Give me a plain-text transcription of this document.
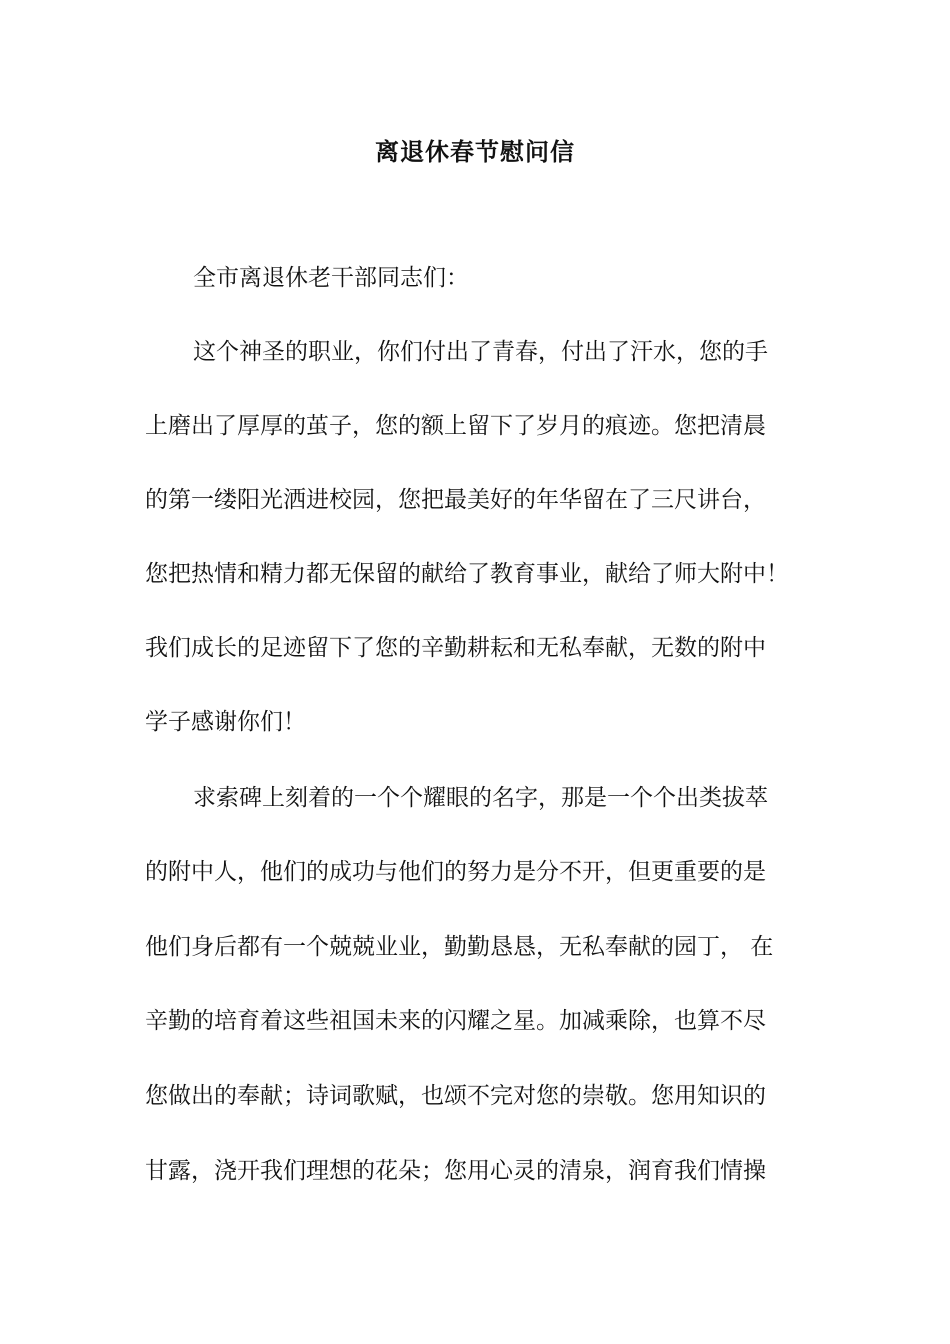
离退休春节慰问信
全市离退休老干部同志们：
这个神圣的职业，你们付出了青春，付出了汗水，您的手
上磨出了厚厚的茧子，您的额上留下了岁月的痕迹。您把清晨
的第一缕阳光洒进校园，您把最美好的年华留在了三尺讲台，
您把热情和精力都无保留的献给了教育事业，献给了师大附中！
我们成长的足迹留下了您的辛勤耕耘和无私奉献，无数的附中
学子感谢你们！
求索碑上刻着的一个个耀眼的名字，那是一个个出类拔萃
的附中人，他们的成功与他们的努力是分不开，但更重要的是
他们身后都有一个兢兢业业，勤勤恳恳，无私奉献的园丁， 在
辛勤的培育着这些祖国未来的闪耀之星。加减乘除，也算不尽
您做出的奉献；诗词歌赋，也颂不完对您的崇敬。您用知识的
甘露，浇开我们理想的花朵；您用心灵的清泉，润育我们情操
